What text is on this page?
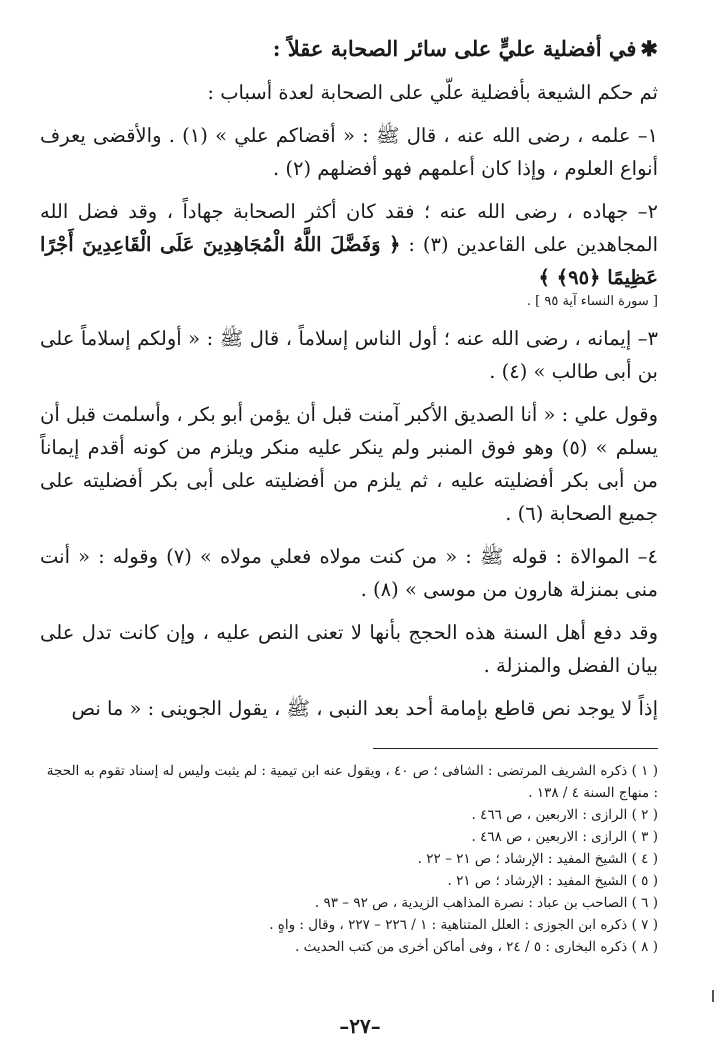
✱في أفضلية عليٍّ على سائر الصحابة عقلاً :

ثم حكم الشيعة بأفضلية علّي على الصحابة لعدة أسباب :

١– علمه ، رضى الله عنه ، قال ﷺ : « أقضاكم علي » (١) . والأقضى يعرف أنواع العلوم ، وإذا كان أعلمهم فهو أفضلهم (٢) .

٢– جهاده ، رضى الله عنه ؛ فقد كان أكثر الصحابة جهاداً ، وقد فضل الله المجاهدين على القاعدين (٣) : ﴿ وَفَضَّلَ اللَّهُ الْمُجَاهِدِينَ عَلَى الْقَاعِدِينَ أَجْرًا عَظِيمًا ﴿٩٥﴾ ﴾
[ سورة النساء آية ٩٥ ] .

٣– إيمانه ، رضى الله عنه ؛ أول الناس إسلاماً ، قال ﷺ : « أولكم إسلاماً على بن أبى طالب » (٤) .

وقول علي : « أنا الصديق الأكبر آمنت قبل أن يؤمن أبو بكر ، وأسلمت قبل أن يسلم » (٥) وهو فوق المنبر ولم ينكر عليه منكر ويلزم من كونه أقدم إيماناً من أبى بكر أفضليته عليه ، ثم يلزم من أفضليته على أبى بكر أفضليته على جميع الصحابة (٦) .

٤– الموالاة : قوله ﷺ : « من كنت مولاه فعلي مولاه » (٧) وقوله : « أنت منى بمنزلة هارون من موسى » (٨) .

وقد دفع أهل السنة هذه الحجج بأنها لا تعنى النص عليه ، وإن كانت تدل على بيان الفضل والمنزلة .

إذاً لا يوجد نص قاطع بإمامة أحد بعد النبى ، ﷺ ، يقول الجوينى : « ما نص

( ١ ) ذكره الشريف المرتضى : الشافى ؛ ص ٤٠ ، ويقول عنه ابن تيمية : لم يثبت وليس له إسناد تقوم به الحجة : منهاج السنة ٤ / ١٣٨ .

( ٢ ) الرازى : الاربعين ، ص ٤٦٦ .

( ٣ ) الرازى : الاربعين ، ص ٤٦٨ .

( ٤ ) الشيخ المفيد : الإرشاد ؛ ص ٢١ – ٢٢ .

( ٥ ) الشيخ المفيد : الإرشاد ؛ ص ٢١ .

( ٦ ) الصاحب بن عباد : نصرة المذاهب الزيدية ، ص ٩٢ – ٩٣ .

( ٧ ) ذكره ابن الجوزى : العلل المتناهية : ١ / ٢٢٦ – ٢٢٧ ، وقال : واهٍ .

( ٨ ) ذكره البخارى : ٥ / ٢٤ ، وفى أماكن أخرى من كتب الحديث .

–٢٧–
